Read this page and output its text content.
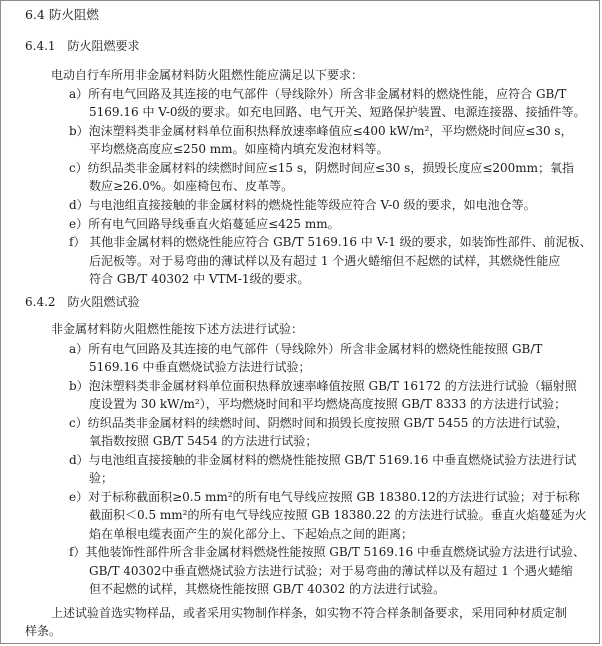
6.4 防火阻燃
6.4.1　防火阻燃要求
电动自行车所用非金属材料防火阻燃性能应满足以下要求：
a）所有电气回路及其连接的电气部件（导线除外）所含非金属材料的燃烧性能，应符合 GB/T
5169.16 中 V-0级的要求。如充电回路、电气开关、短路保护装置、电源连接器、接插件等。
b）泡沫塑料类非金属材料单位面积热释放速率峰值应≤400 kW/m²，平均燃烧时间应≤30 s，
平均燃烧高度应≤250 mm。如座椅内填充发泡材料等。
c）纺织品类非金属材料的续燃时间应≤15 s，阴燃时间应≤30 s，损毁长度应≤200mm；氧指
数应≥26.0%。如座椅包布、皮革等。
d）与电池组直接接触的非金属材料的燃烧性能等级应符合 V-0 级的要求，如电池仓等。
e）所有电气回路导线垂直火焰蔓延应≤425 mm。
f） 其他非金属材料的燃烧性能应符合 GB/T 5169.16 中 V-1 级的要求，如装饰性部件、前泥板、
后泥板等。对于易弯曲的薄试样以及有超过 1 个遇火蜷缩但不起燃的试样，其燃烧性能应
符合 GB/T 40302 中 VTM-1级的要求。
6.4.2　防火阻燃试验
非金属材料防火阻燃性能按下述方法进行试验：
a）所有电气回路及其连接的电气部件（导线除外）所含非金属材料的燃烧性能按照 GB/T
5169.16 中垂直燃烧试验方法进行试验；
b）泡沫塑料类非金属材料单位面积热释放速率峰值按照 GB/T 16172 的方法进行试验（辐射照
度设置为 30 kW/m²），平均燃烧时间和平均燃烧高度按照 GB/T 8333 的方法进行试验；
c）纺织品类非金属材料的续燃时间、阴燃时间和损毁长度按照 GB/T 5455 的方法进行试验，
氧指数按照 GB/T 5454 的方法进行试验；
d）与电池组直接接触的非金属材料的燃烧性能按照 GB/T 5169.16 中垂直燃烧试验方法进行试
验；
e）对于标称截面积≥0.5 mm²的所有电气导线应按照 GB 18380.12的方法进行试验；对于标称
截面积＜0.5 mm²的所有电气导线应按照 GB 18380.22 的方法进行试验。垂直火焰蔓延为火
焰在单根电缆表面产生的炭化部分上、下起始点之间的距离；
f）其他装饰性部件所含非金属材料燃烧性能按照 GB/T 5169.16 中垂直燃烧试验方法进行试验、
GB/T 40302中垂直燃烧试验方法进行试验；对于易弯曲的薄试样以及有超过 1 个遇火蜷缩
但不起燃的试样，其燃烧性能按照 GB/T 40302 的方法进行试验。
上述试验首选实物样品，或者采用实物制作样条，如实物不符合样条制备要求，采用同种材质定制
样条。
